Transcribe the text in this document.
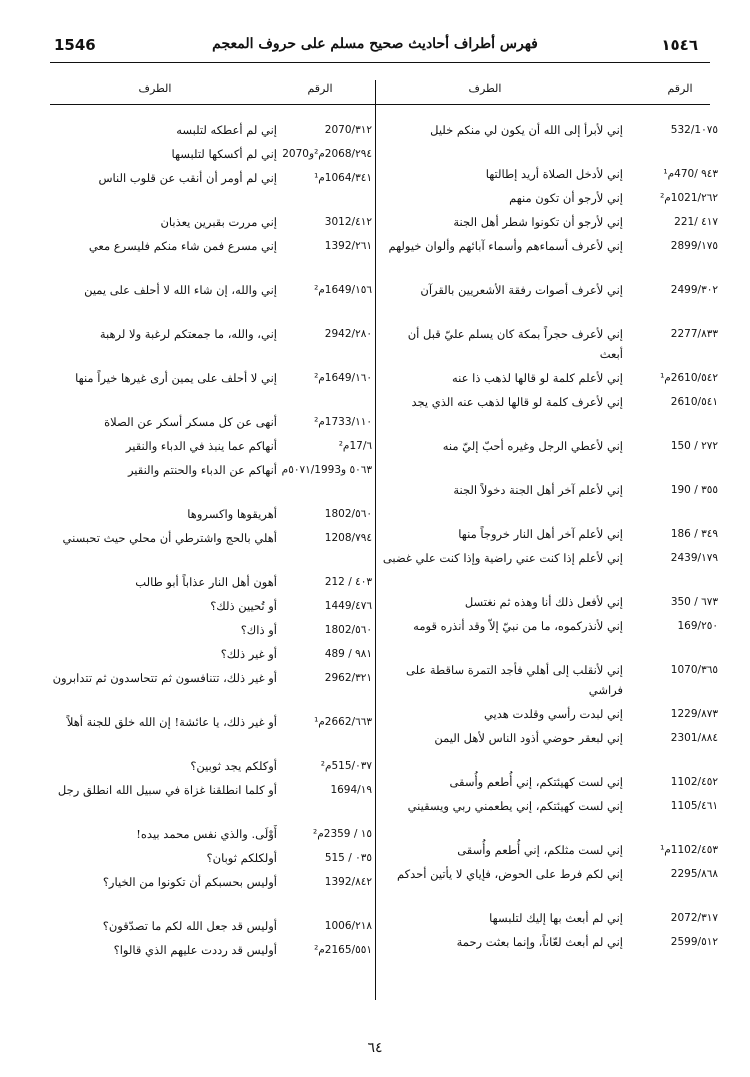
1546	فهرس أطراف أحاديث صحيح مسلم على حروف المعجم	١٥٤٦
الرقم
الطرف
الرقم
الطرف
1٠٧٥/532
إني لأبرأ إلى الله أن يكون لي منكم خليل
٩٤٣ /470م¹
إني لأدخل الصلاة أريد إطالتها
٢٦٢/1021م²
إني لأرجو أن تكون منهم
٤١٧ /221
إني لأرجو أن تكونوا شطر أهل الجنة
١٧٥/2899
إني لأعرف أسماءهم وأسماء آبائهم وألوان خيولهم
٣٠٢/2499
إني لأعرف أصوات رفقة الأشعريين بالقرآن
٨٣٣/2277
إني لأعرف حجراً بمكة كان يسلم عليّ قبل أن أبعث
٥٤٢/2610م¹
إني لأعلم كلمة لو قالها لذهب ذا عنه
٥٤١/2610
إني لأعرف كلمة لو قالها لذهب عنه الذي يجد
٢٧٢ / 150
إني لأعطي الرجل وغيره أحبّ إليّ منه
٣٥٥ / 190
إني لأعلم آخر أهل الجنة دخولاً الجنة
٣٤٩ / 186
إني لأعلم آخر أهل النار خروجاً منها
١٧٩/2439
إني لأعلم إذا كنت عني راضية وإذا كنت علي غضبى
٦٧٣ / 350
إني لأفعل ذلك أنا وهذه ثم نغتسل
٢٥٠/169
إني لأنذركموه، ما من نبيّ إلاّ وقد أنذره قومه
٣٦٥/1070
إني لأنقلب إلى أهلي فأجد التمرة ساقطة على فراشي
٨٧٣/1229
إني لبدت رأسي وقلدت هديي
٨٨٤/2301
إني لبعقر حوضي أذود الناس لأهل اليمن
٤٥٢/1102
إني لست كهيئتكم، إني أُطعم وأُسقى
٤٦١/1105
إني لست كهيئتكم، إني يطعمني ربي ويسقيني
٤٥٣/1102م¹
إني لست مثلكم، إني أُطعم وأُسقى
٨٦٨/2295
إني لكم فرط على الحوض، فإياي لا يأتين أحدكم
٣١٧/2072
إني لم أبعث بها إليك لتلبسها
٥١٢/2599
إني لم أبعث لعّاناً، وإنما بعثت رحمة
٣١٢/2070
إني لم أعطكه لتلبسه
٢٩٤/2068م²و2070
إني لم أكسكها لتلبسها
٣٤١/1064م¹
إني لم أومر أن أنقب عن قلوب الناس
٤١٢/3012
إني مررت بقبرين يعذبان
٢٦١/1392
إني مسرع فمن شاء منكم فليسرع معي
١٥٦/1649م²
إني والله، إن شاء الله لا أحلف على يمين
٢٨٠/2942
إني، والله، ما جمعتكم لرغبة ولا لرهبة
١٦٠/1649م²
إني لا أحلف على يمين أرى غيرها خيراً منها
١١٠/1733م²
أنهى عن كل مسكر أسكر عن الصلاة
٦/17م²
أنهاكم عما ينبذ في الدباء والنقير
٥٠٦٣ و٥٠٧١/1993م
أنهاكم عن الدباء والحنتم والنقير
٥٦٠/1802
أهريقوها واكسروها
٧٩٤/1208
أهلي بالحج واشترطي أن محلي حيث تحبسني
٤٠٣ / 212
أهون أهل النار عذاباً أبو طالب
٤٧٦/1449
أو تُحيين ذلك؟
٥٦٠/1802
أو ذاك؟
٩٨١ / 489
أو غير ذلك؟
٣٢١/2962
أو غير ذلك، تتنافسون ثم تتحاسدون ثم تتدابرون
٦٦٣/2662م¹
أو غير ذلك، يا عائشة! إن الله خلق للجنة أهلاً
٠٣٧/515م²
أوكلكم يجد ثوبين؟
١٩/1694
أو كلما انطلقنا غزاة في سبيل الله انطلق رجل
١٥ / 2359م²
أَوْلَى. والذي نفس محمد بيده!
٠٣٥ / 515
أولكلكم ثوبان؟
٨٤٢/1392
أوليس بحسبكم أن تكونوا من الخيار؟
٢١٨/1006
أوليس قد جعل الله لكم ما تصدّقون؟
٥٥١/2165م²
أوليس قد رددت عليهم الذي قالوا؟
٦٤
